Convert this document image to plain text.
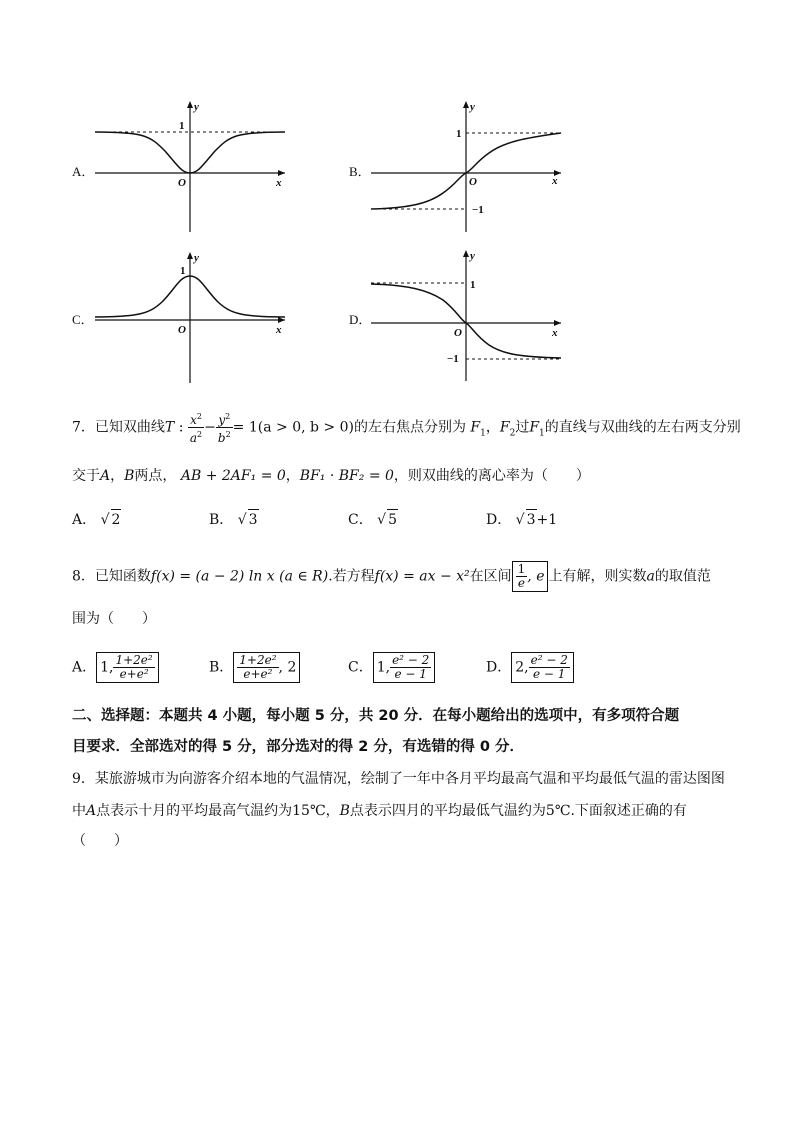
A．
y
1
O	x
B．
y
1
−1
O	x
C．
y
1
O	x
D．
y
1
−1
O	x
7．已知双曲线T : $\frac{x^2}{a^2} - \frac{y^2}{b^2} = 1(a > 0$, b > 0)的左右焦点分别为 $F_1$，$F_2$过$F_1$的直线与双曲线的左右两支分别
交于A，B两点， AB + 2AF₁ = 0，BF₁ · BF₂ = 0，则双曲线的离心率为（　　）
A． √ 2	B． √ 3	C． √ 5	D． √ 3+1
8．已知函数f(x) = (a − 2) ln x (a ∈ R).若方程f(x) = ax − x²在区间 $\frac{1}{e}$ , e 上有解，则实数a的取值范
围为（　　）
A． 1, $\frac{\text{1+2e²}}{\text{e+e²}}$	B． $\frac{\text{1+2e²}}{\text{e+e²}}$ , 2	C． 1, $\frac{\text{e² − 2}}{e - 1}$	D． 2, $\frac{\text{e² − 2}}{e - 1}$
二、选择题：本题共 4 小题，每小题 5 分，共 20 分．在每小题给出的选项中，有多项符合题
目要求．全部选对的得 5 分，部分选对的得 2 分，有选错的得 0 分．
9．某旅游城市为向游客介绍本地的气温情况，绘制了一年中各月平均最高气温和平均最低气温的雷达图图
中A点表示十月的平均最高气温约为15℃，B点表示四月的平均最低气温约为5℃.下面叙述正确的有
（　　）
